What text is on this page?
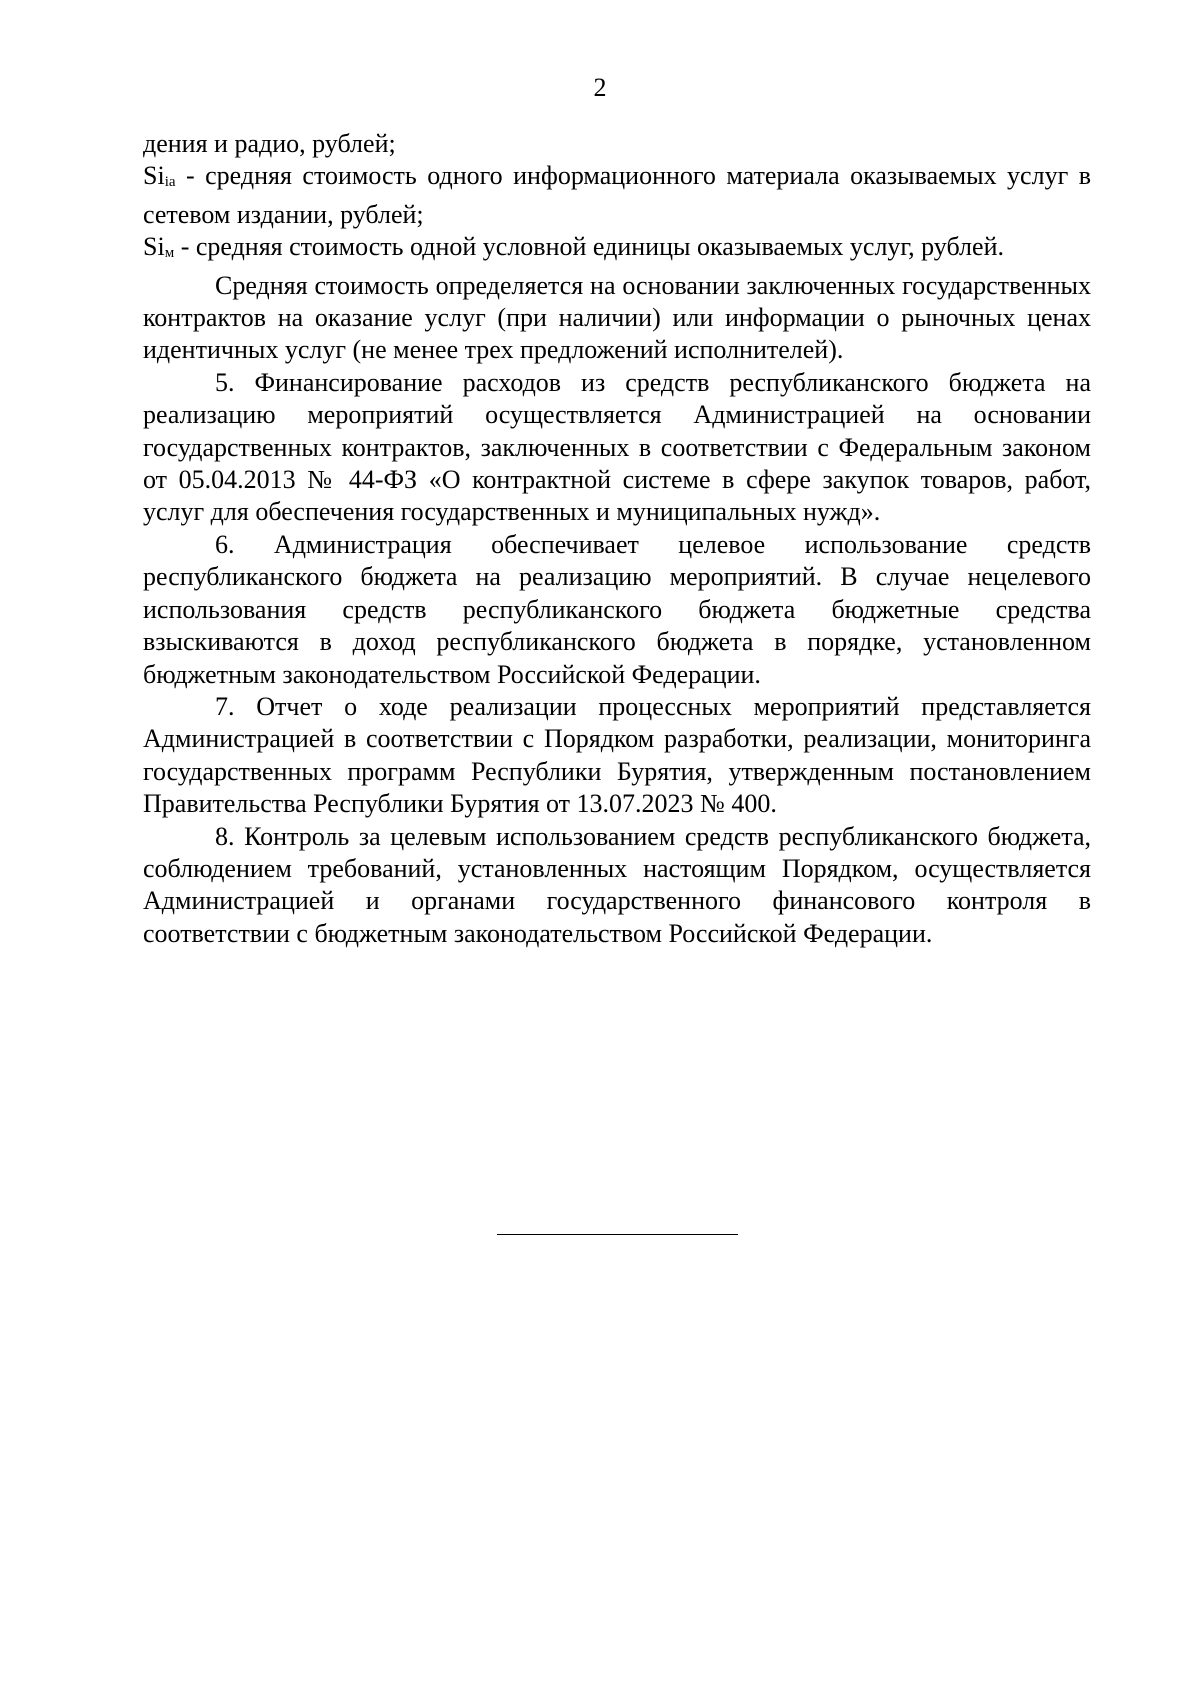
2

дения и радио, рублей;

Siia - средняя стоимость одного информационного материала оказываемых услуг в сетевом издании, рублей;

Siм - средняя стоимость одной условной единицы оказываемых услуг, рублей.

Средняя стоимость определяется на основании заключенных государственных контрактов на оказание услуг (при наличии) или информации о рыночных ценах идентичных услуг (не менее трех предложений исполнителей).

5. Финансирование расходов из средств республиканского бюджета на реализацию мероприятий осуществляется Администрацией на основании государственных контрактов, заключенных в соответствии с Федеральным законом от 05.04.2013 № 44-ФЗ «О контрактной системе в сфере закупок товаров, работ, услуг для обеспечения государственных и муниципальных нужд».

6. Администрация обеспечивает целевое использование средств республиканского бюджета на реализацию мероприятий. В случае нецелевого использования средств республиканского бюджета бюджетные средства взыскиваются в доход республиканского бюджета в порядке, установленном бюджетным законодательством Российской Федерации.

7. Отчет о ходе реализации процессных мероприятий представляется Администрацией в соответствии с Порядком разработки, реализации, мониторинга государственных программ Республики Бурятия, утвержденным постановлением Правительства Республики Бурятия от 13.07.2023 № 400.

8. Контроль за целевым использованием средств республиканского бюджета, соблюдением требований, установленных настоящим Порядком, осуществляется Администрацией и органами государственного финансового контроля в соответствии с бюджетным законодательством Российской Федерации.
